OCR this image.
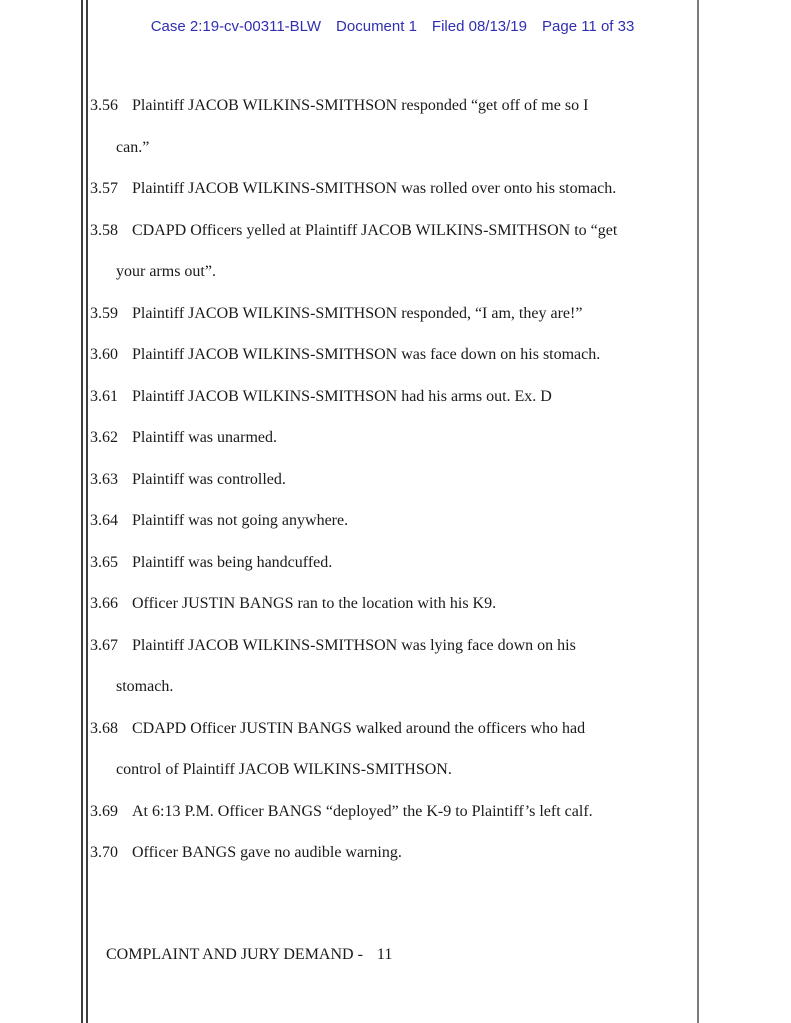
Case 2:19-cv-00311-BLW Document 1 Filed 08/13/19 Page 11 of 33
3.56 Plaintiff JACOB WILKINS-SMITHSON responded “get off of me so I
can.”
3.57 Plaintiff JACOB WILKINS-SMITHSON was rolled over onto his stomach.
3.58 CDAPD Officers yelled at Plaintiff JACOB WILKINS-SMITHSON to “get
your arms out”.
3.59 Plaintiff JACOB WILKINS-SMITHSON responded, “I am, they are!”
3.60 Plaintiff JACOB WILKINS-SMITHSON was face down on his stomach.
3.61 Plaintiff JACOB WILKINS-SMITHSON had his arms out. Ex. D
3.62 Plaintiff was unarmed.
3.63 Plaintiff was controlled.
3.64 Plaintiff was not going anywhere.
3.65 Plaintiff was being handcuffed.
3.66 Officer JUSTIN BANGS ran to the location with his K9.
3.67 Plaintiff JACOB WILKINS-SMITHSON was lying face down on his
stomach.
3.68 CDAPD Officer JUSTIN BANGS walked around the officers who had
control of Plaintiff JACOB WILKINS-SMITHSON.
3.69 At 6:13 P.M. Officer BANGS “deployed” the K-9 to Plaintiff’s left calf.
3.70 Officer BANGS gave no audible warning.

COMPLAINT AND JURY DEMAND - 11
